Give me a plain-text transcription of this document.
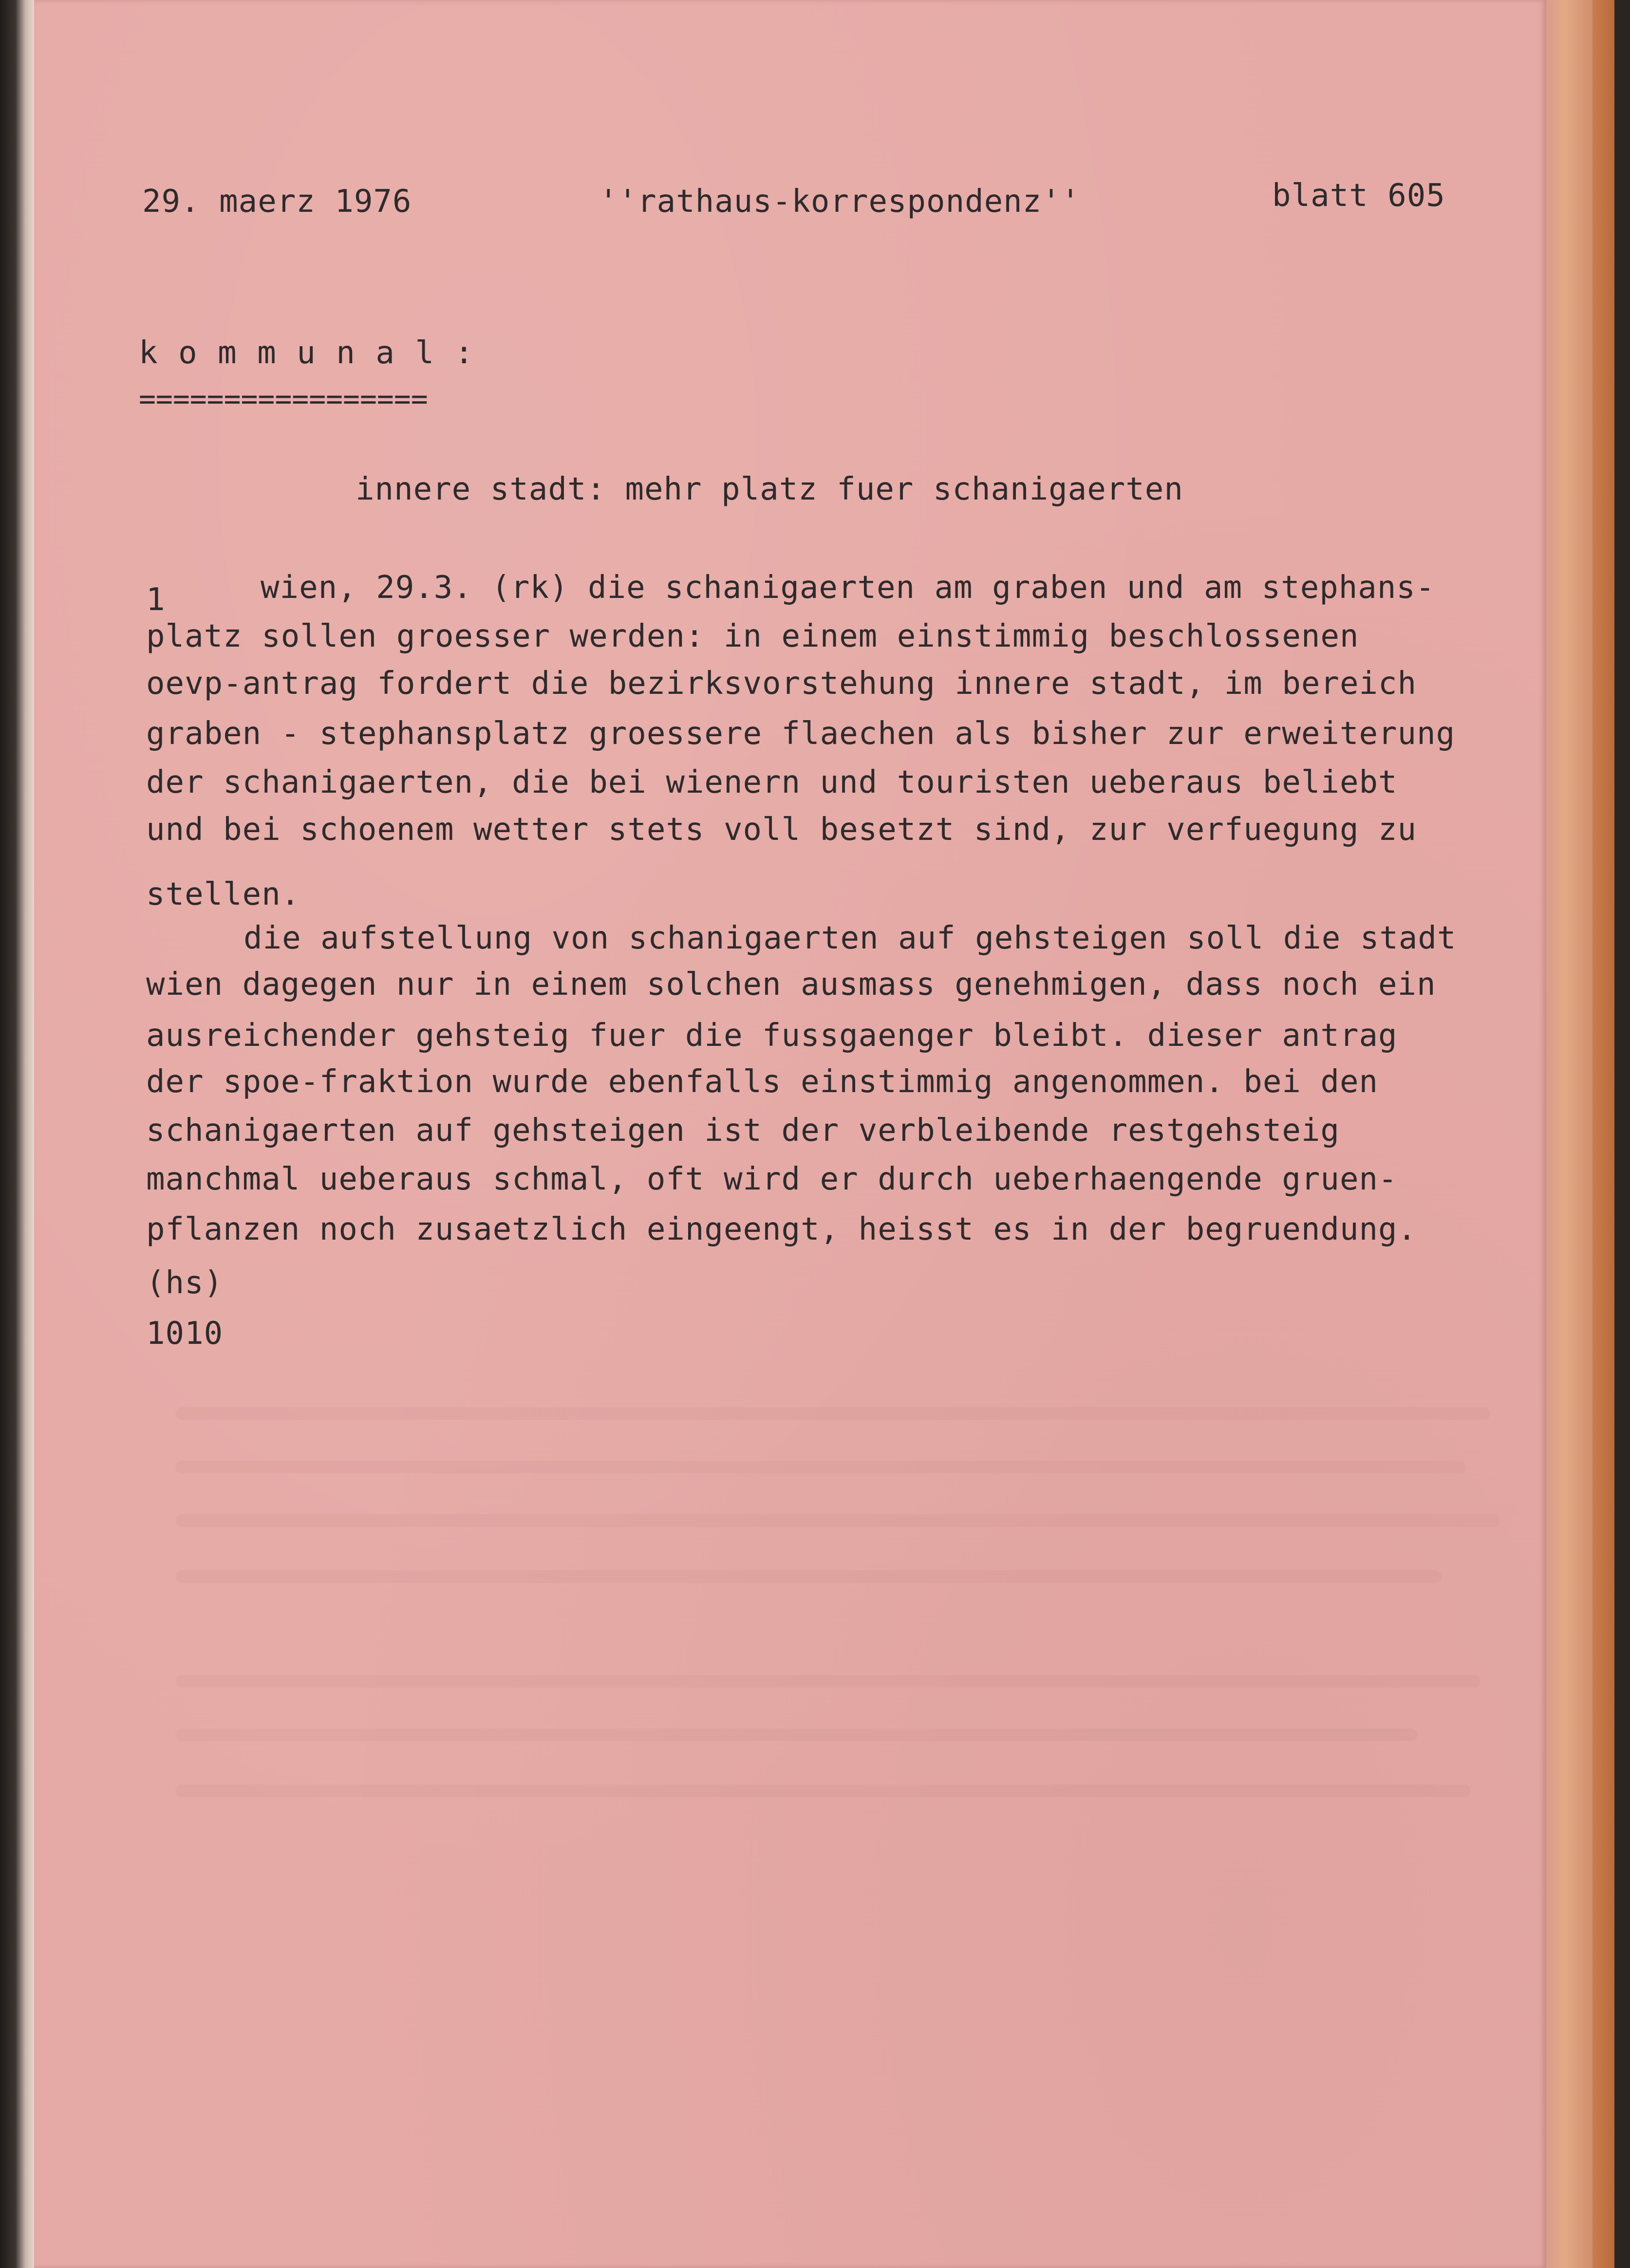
29. maerz 1976	''rathaus-korrespondenz''	blatt 605
k o m m u n a l :
=================
innere stadt: mehr platz fuer schanigaerten
1	wien, 29.3. (rk) die schanigaerten am graben und am stephans-
platz sollen groesser werden: in einem einstimmig beschlossenen
oevp-antrag fordert die bezirksvorstehung innere stadt, im bereich
graben - stephansplatz groessere flaechen als bisher zur erweiterung
der schanigaerten, die bei wienern und touristen ueberaus beliebt
und bei schoenem wetter stets voll besetzt sind, zur verfuegung zu
stellen.
die aufstellung von schanigaerten auf gehsteigen soll die stadt
wien dagegen nur in einem solchen ausmass genehmigen, dass noch ein
ausreichender gehsteig fuer die fussgaenger bleibt. dieser antrag
der spoe-fraktion wurde ebenfalls einstimmig angenommen. bei den
schanigaerten auf gehsteigen ist der verbleibende restgehsteig
manchmal ueberaus schmal, oft wird er durch ueberhaengende gruen-
pflanzen noch zusaetzlich eingeengt, heisst es in der begruendung.
(hs)
1010
